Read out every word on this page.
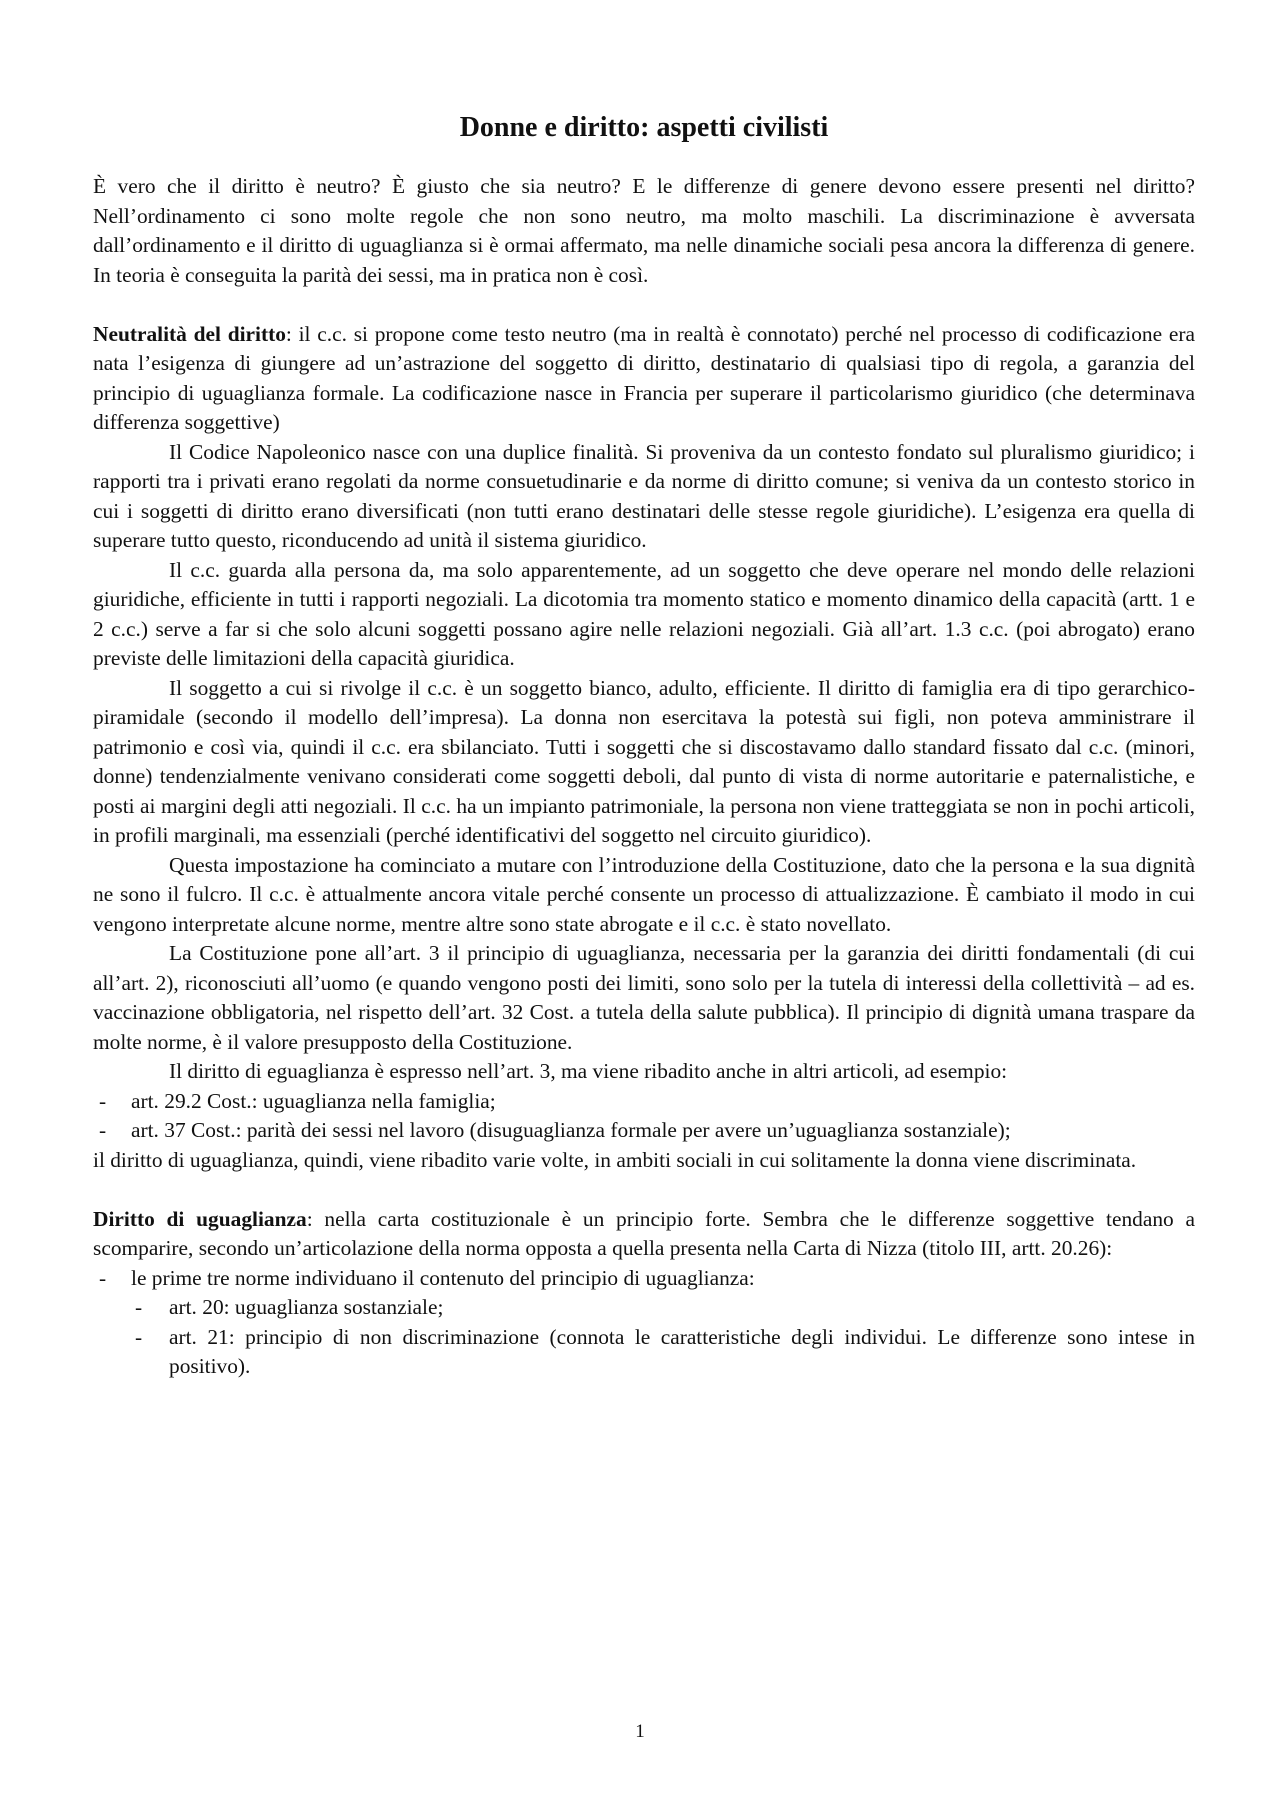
Donne e diritto: aspetti civilisti

È vero che il diritto è neutro? È giusto che sia neutro? E le differenze di genere devono essere presenti nel diritto? Nell’ordinamento ci sono molte regole che non sono neutro, ma molto maschili. La discriminazione è avversata dall’ordinamento e il diritto di uguaglianza si è ormai affermato, ma nelle dinamiche sociali pesa ancora la differenza di genere. In teoria è conseguita la parità dei sessi, ma in pratica non è così.

Neutralità del diritto: il c.c. si propone come testo neutro (ma in realtà è connotato) perché nel processo di codificazione era nata l’esigenza di giungere ad un’astrazione del soggetto di diritto, destinatario di qualsiasi tipo di regola, a garanzia del principio di uguaglianza formale. La codificazione nasce in Francia per superare il particolarismo giuridico (che determinava differenza soggettive)

Il Codice Napoleonico nasce con una duplice finalità. Si proveniva da un contesto fondato sul pluralismo giuridico; i rapporti tra i privati erano regolati da norme consuetudinarie e da norme di diritto comune; si veniva da un contesto storico in cui i soggetti di diritto erano diversificati (non tutti erano destinatari delle stesse regole giuridiche). L’esigenza era quella di superare tutto questo, riconducendo ad unità il sistema giuridico.

Il c.c. guarda alla persona da, ma solo apparentemente, ad un soggetto che deve operare nel mondo delle relazioni giuridiche, efficiente in tutti i rapporti negoziali. La dicotomia tra momento statico e momento dinamico della capacità (artt. 1 e 2 c.c.) serve a far si che solo alcuni soggetti possano agire nelle relazioni negoziali. Già all’art. 1.3 c.c. (poi abrogato) erano previste delle limitazioni della capacità giuridica.

Il soggetto a cui si rivolge il c.c. è un soggetto bianco, adulto, efficiente. Il diritto di famiglia era di tipo gerarchico-piramidale (secondo il modello dell’impresa). La donna non esercitava la potestà sui figli, non poteva amministrare il patrimonio e così via, quindi il c.c. era sbilanciato. Tutti i soggetti che si discostavamo dallo standard fissato dal c.c. (minori, donne) tendenzialmente venivano considerati come soggetti deboli, dal punto di vista di norme autoritarie e paternalistiche, e posti ai margini degli atti negoziali. Il c.c. ha un impianto patrimoniale, la persona non viene tratteggiata se non in pochi articoli, in profili marginali, ma essenziali (perché identificativi del soggetto nel circuito giuridico).

Questa impostazione ha cominciato a mutare con l’introduzione della Costituzione, dato che la persona e la sua dignità ne sono il fulcro. Il c.c. è attualmente ancora vitale perché consente un processo di attualizzazione. È cambiato il modo in cui vengono interpretate alcune norme, mentre altre sono state abrogate e il c.c. è stato novellato.

La Costituzione pone all’art. 3 il principio di uguaglianza, necessaria per la garanzia dei diritti fondamentali (di cui all’art. 2), riconosciuti all’uomo (e quando vengono posti dei limiti, sono solo per la tutela di interessi della collettività – ad es. vaccinazione obbligatoria, nel rispetto dell’art. 32 Cost. a tutela della salute pubblica). Il principio di dignità umana traspare da molte norme, è il valore presupposto della Costituzione.

Il diritto di eguaglianza è espresso nell’art. 3, ma viene ribadito anche in altri articoli, ad esempio:

- art. 29.2 Cost.: uguaglianza nella famiglia;
- art. 37 Cost.: parità dei sessi nel lavoro (disuguaglianza formale per avere un’uguaglianza sostanziale);

il diritto di uguaglianza, quindi, viene ribadito varie volte, in ambiti sociali in cui solitamente la donna viene discriminata.

Diritto di uguaglianza: nella carta costituzionale è un principio forte. Sembra che le differenze soggettive tendano a scomparire, secondo un’articolazione della norma opposta a quella presenta nella Carta di Nizza (titolo III, artt. 20.26):

- le prime tre norme individuano il contenuto del principio di uguaglianza:
- art. 20: uguaglianza sostanziale;
- art. 21: principio di non discriminazione (connota le caratteristiche degli individui. Le differenze sono intese in positivo).
1
